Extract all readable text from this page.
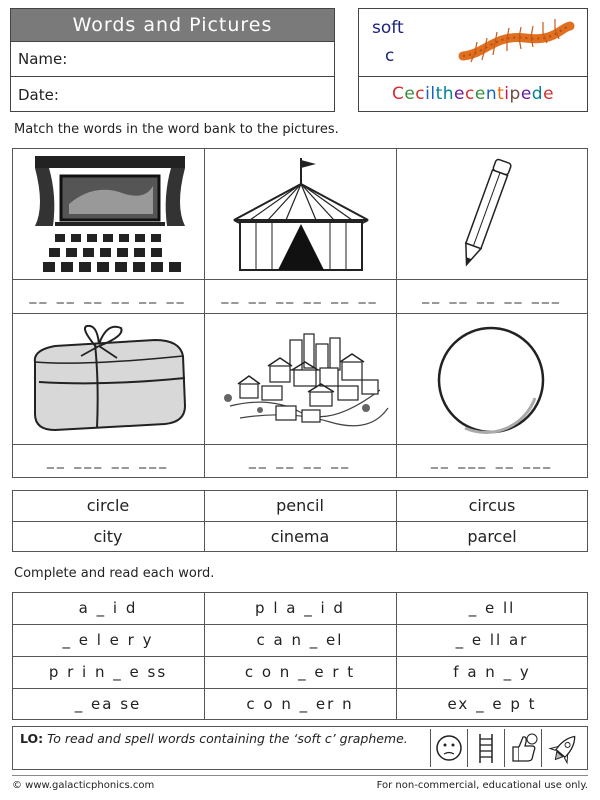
Words and Pictures
Name:
Date:
soft
c
C e c il th e c e n t i p e d e
Match the words in the word bank to the pictures.
__ __ __ __ __ __	__ __ __ __ __ __	__ __ __ __ ___
__ ___ __ ___	__ __ __ __	__ ___ __ ___
circle	pencil	circus
city	cinema	parcel
Complete and read each word.
a _ i d	p l a _ i d	_ e ll
_ e l e r y	c a n _ el	_ e ll ar
p r i n _ e ss	c o n _ e r t	f a n _ y
_ ea se	c o n _ er n	ex _ e p t
LO: To read and spell words containing the ‘soft c’ grapheme.
© www.galacticphonics.com	For non-commercial, educational use only.
